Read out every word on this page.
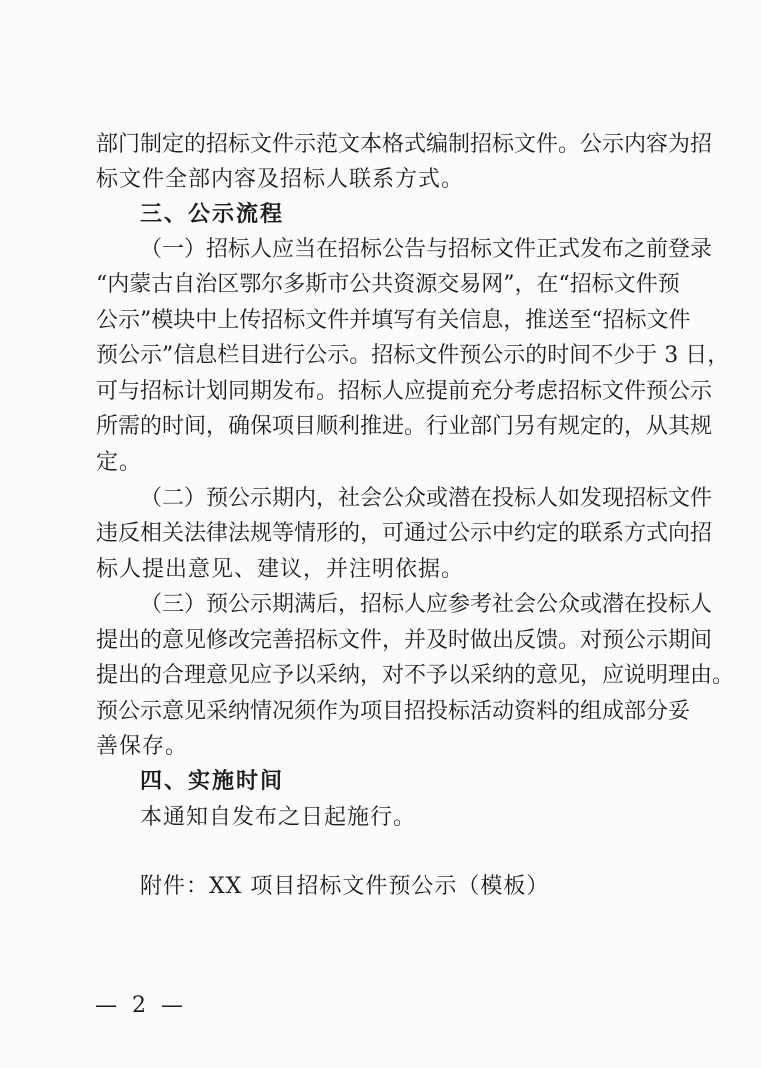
部门制定的招标文件示范文本格式编制招标文件。公示内容为招
标文件全部内容及招标人联系方式。
三、公示流程
（一）招标人应当在招标公告与招标文件正式发布之前登录
“内蒙古自治区鄂尔多斯市公共资源交易网”，在“招标文件预
公示”模块中上传招标文件并填写有关信息，推送至“招标文件
预公示”信息栏目进行公示。招标文件预公示的时间不少于 3 日，
可与招标计划同期发布。招标人应提前充分考虑招标文件预公示
所需的时间，确保项目顺利推进。行业部门另有规定的，从其规
定。
（二）预公示期内，社会公众或潜在投标人如发现招标文件
违反相关法律法规等情形的，可通过公示中约定的联系方式向招
标人提出意见、建议，并注明依据。
（三）预公示期满后，招标人应参考社会公众或潜在投标人
提出的意见修改完善招标文件，并及时做出反馈。对预公示期间
提出的合理意见应予以采纳，对不予以采纳的意见，应说明理由。
预公示意见采纳情况须作为项目招投标活动资料的组成部分妥
善保存。
四、实施时间
本通知自发布之日起施行。
附件：XX 项目招标文件预公示（模板）
— 2 —
